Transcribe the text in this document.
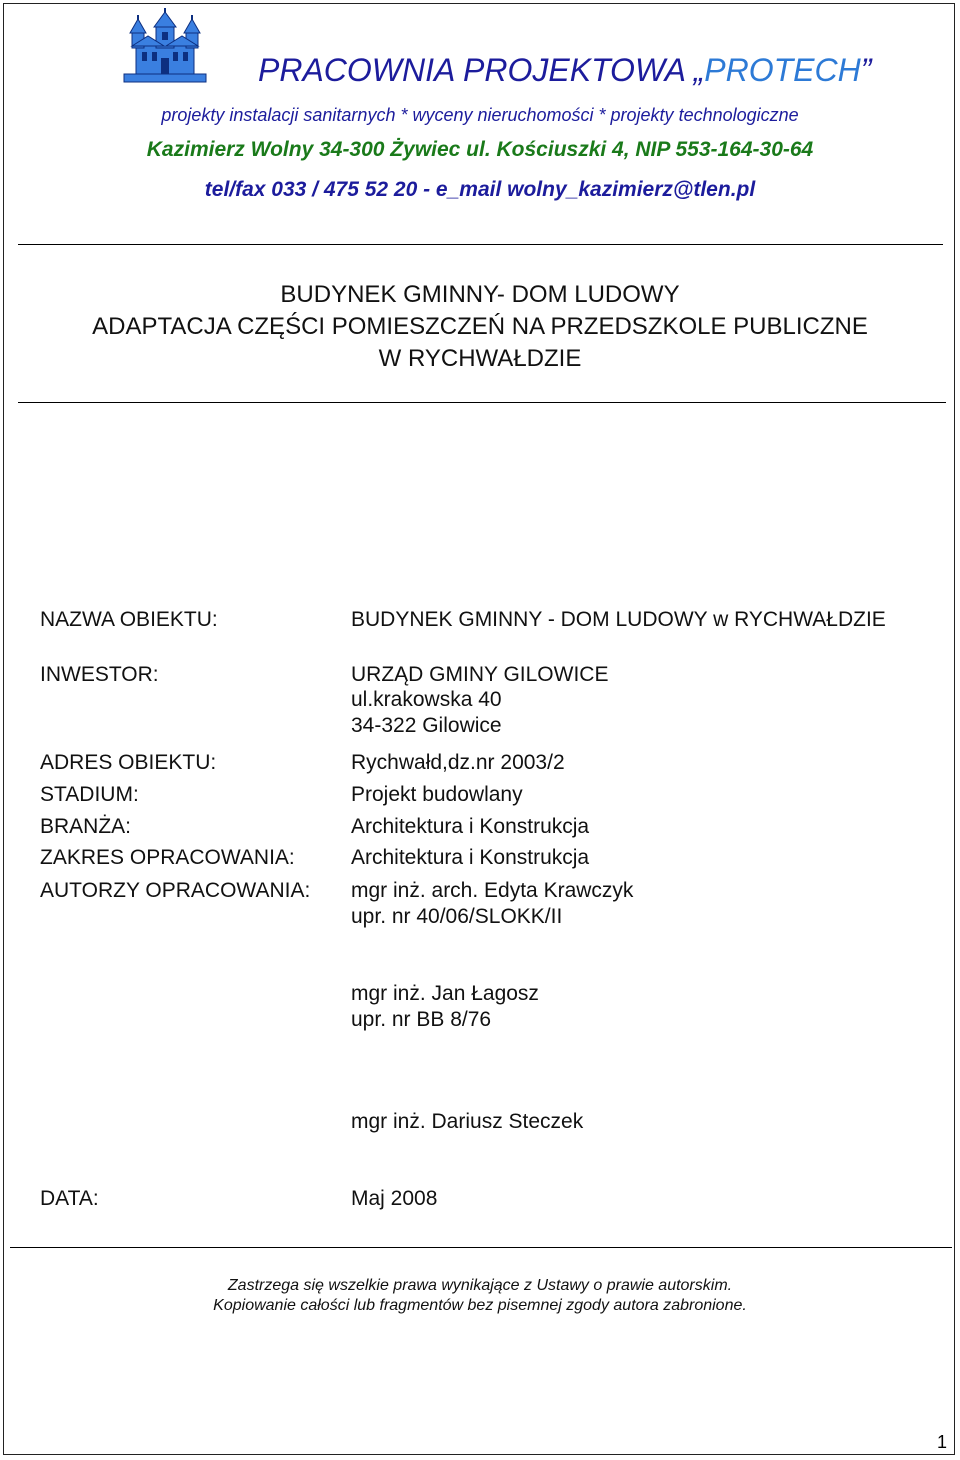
PRACOWNIA PROJEKTOWA „PROTECH”
projekty instalacji sanitarnych * wyceny nieruchomości * projekty technologiczne
Kazimierz Wolny 34-300 Żywiec ul. Kościuszki 4, NIP 553-164-30-64
tel/fax 033 / 475 52 20 - e_mail wolny_kazimierz@tlen.pl
BUDYNEK GMINNY- DOM LUDOWY
ADAPTACJA CZĘŚCI POMIESZCZEŃ NA PRZEDSZKOLE PUBLICZNE
W RYCHWAŁDZIE
NAZWA OBIEKTU:	BUDYNEK GMINNY - DOM LUDOWY w RYCHWAŁDZIE
INWESTOR:	URZĄD GMINY GILOWICE
ul.krakowska 40
34-322 Gilowice
ADRES OBIEKTU:	Rychwałd,dz.nr 2003/2
STADIUM:	Projekt budowlany
BRANŻA:	Architektura i Konstrukcja
ZAKRES OPRACOWANIA:	Architektura i Konstrukcja
AUTORZY OPRACOWANIA: mgr inż. arch. Edyta Krawczyk
upr. nr 40/06/SLOKK/II
mgr inż. Jan Łagosz
upr. nr BB 8/76
mgr inż. Dariusz Steczek
DATA:	Maj 2008
Zastrzega się wszelkie prawa wynikające z Ustawy o prawie autorskim.
Kopiowanie całości lub fragmentów bez pisemnej zgody autora zabronione.
1
